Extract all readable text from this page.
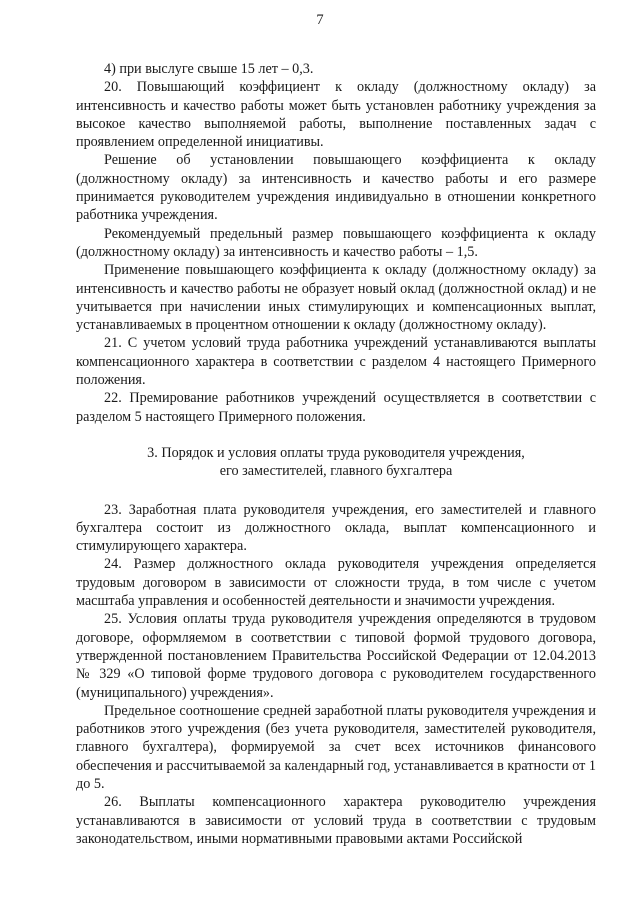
7

4) при выслуге свыше 15 лет – 0,3.

20. Повышающий коэффициент к окладу (должностному окладу) за интенсивность и качество работы может быть установлен работнику учреждения за высокое качество выполняемой работы, выполнение поставленных задач с проявлением определенной инициативы.

Решение об установлении повышающего коэффициента к окладу (должностному окладу) за интенсивность и качество работы и его размере принимается руководителем учреждения индивидуально в отношении конкретного работника учреждения.

Рекомендуемый предельный размер повышающего коэффициента к окладу (должностному окладу) за интенсивность и качество работы – 1,5.

Применение повышающего коэффициента к окладу (должностному окладу) за интенсивность и качество работы не образует новый оклад (должностной оклад) и не учитывается при начислении иных стимулирующих и компенсационных выплат, устанавливаемых в процентном отношении к окладу (должностному окладу).

21. С учетом условий труда работника учреждений устанавливаются выплаты компенсационного характера в соответствии с разделом 4 настоящего Примерного положения.

22. Премирование работников учреждений осуществляется в соответствии с разделом 5 настоящего Примерного положения.

3. Порядок и условия оплаты труда руководителя учреждения,
его заместителей, главного бухгалтера

23. Заработная плата руководителя учреждения, его заместителей и главного бухгалтера состоит из должностного оклада, выплат компенсационного и стимулирующего характера.

24. Размер должностного оклада руководителя учреждения определяется трудовым договором в зависимости от сложности труда, в том числе с учетом масштаба управления и особенностей деятельности и значимости учреждения.

25. Условия оплаты труда руководителя учреждения определяются в трудовом договоре, оформляемом в соответствии с типовой формой трудового договора, утвержденной постановлением Правительства Российской Федерации от 12.04.2013 № 329 «О типовой форме трудового договора с руководителем государственного (муниципального) учреждения».

Предельное соотношение средней заработной платы руководителя учреждения и работников этого учреждения (без учета руководителя, заместителей руководителя, главного бухгалтера), формируемой за счет всех источников финансового обеспечения и рассчитываемой за календарный год, устанавливается в кратности от 1 до 5.

26. Выплаты компенсационного характера руководителю учреждения устанавливаются в зависимости от условий труда в соответствии с трудовым законодательством, иными нормативными правовыми актами Российской
